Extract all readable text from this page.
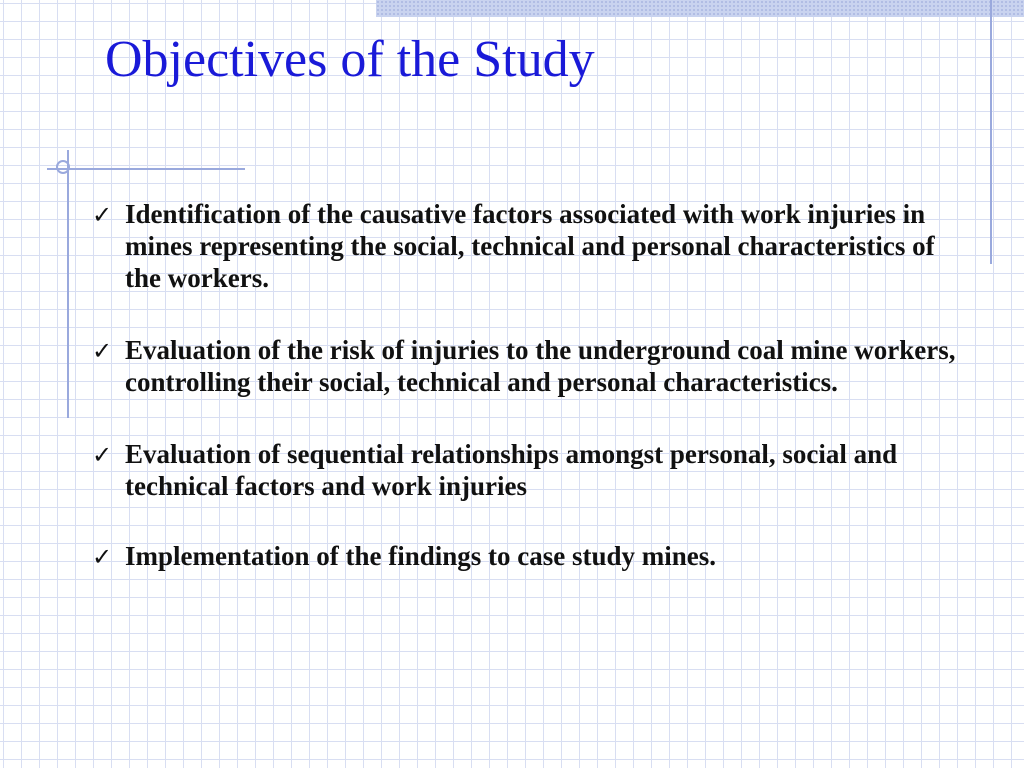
Objectives of the Study
✓ Identification of the causative factors associated with work injuries in mines representing the social, technical and personal characteristics of the workers.
✓ Evaluation of the risk of injuries to the underground coal mine workers, controlling their social, technical and personal characteristics.
✓ Evaluation of sequential relationships amongst personal, social and technical factors and work injuries
✓ Implementation of the findings to case study mines.
